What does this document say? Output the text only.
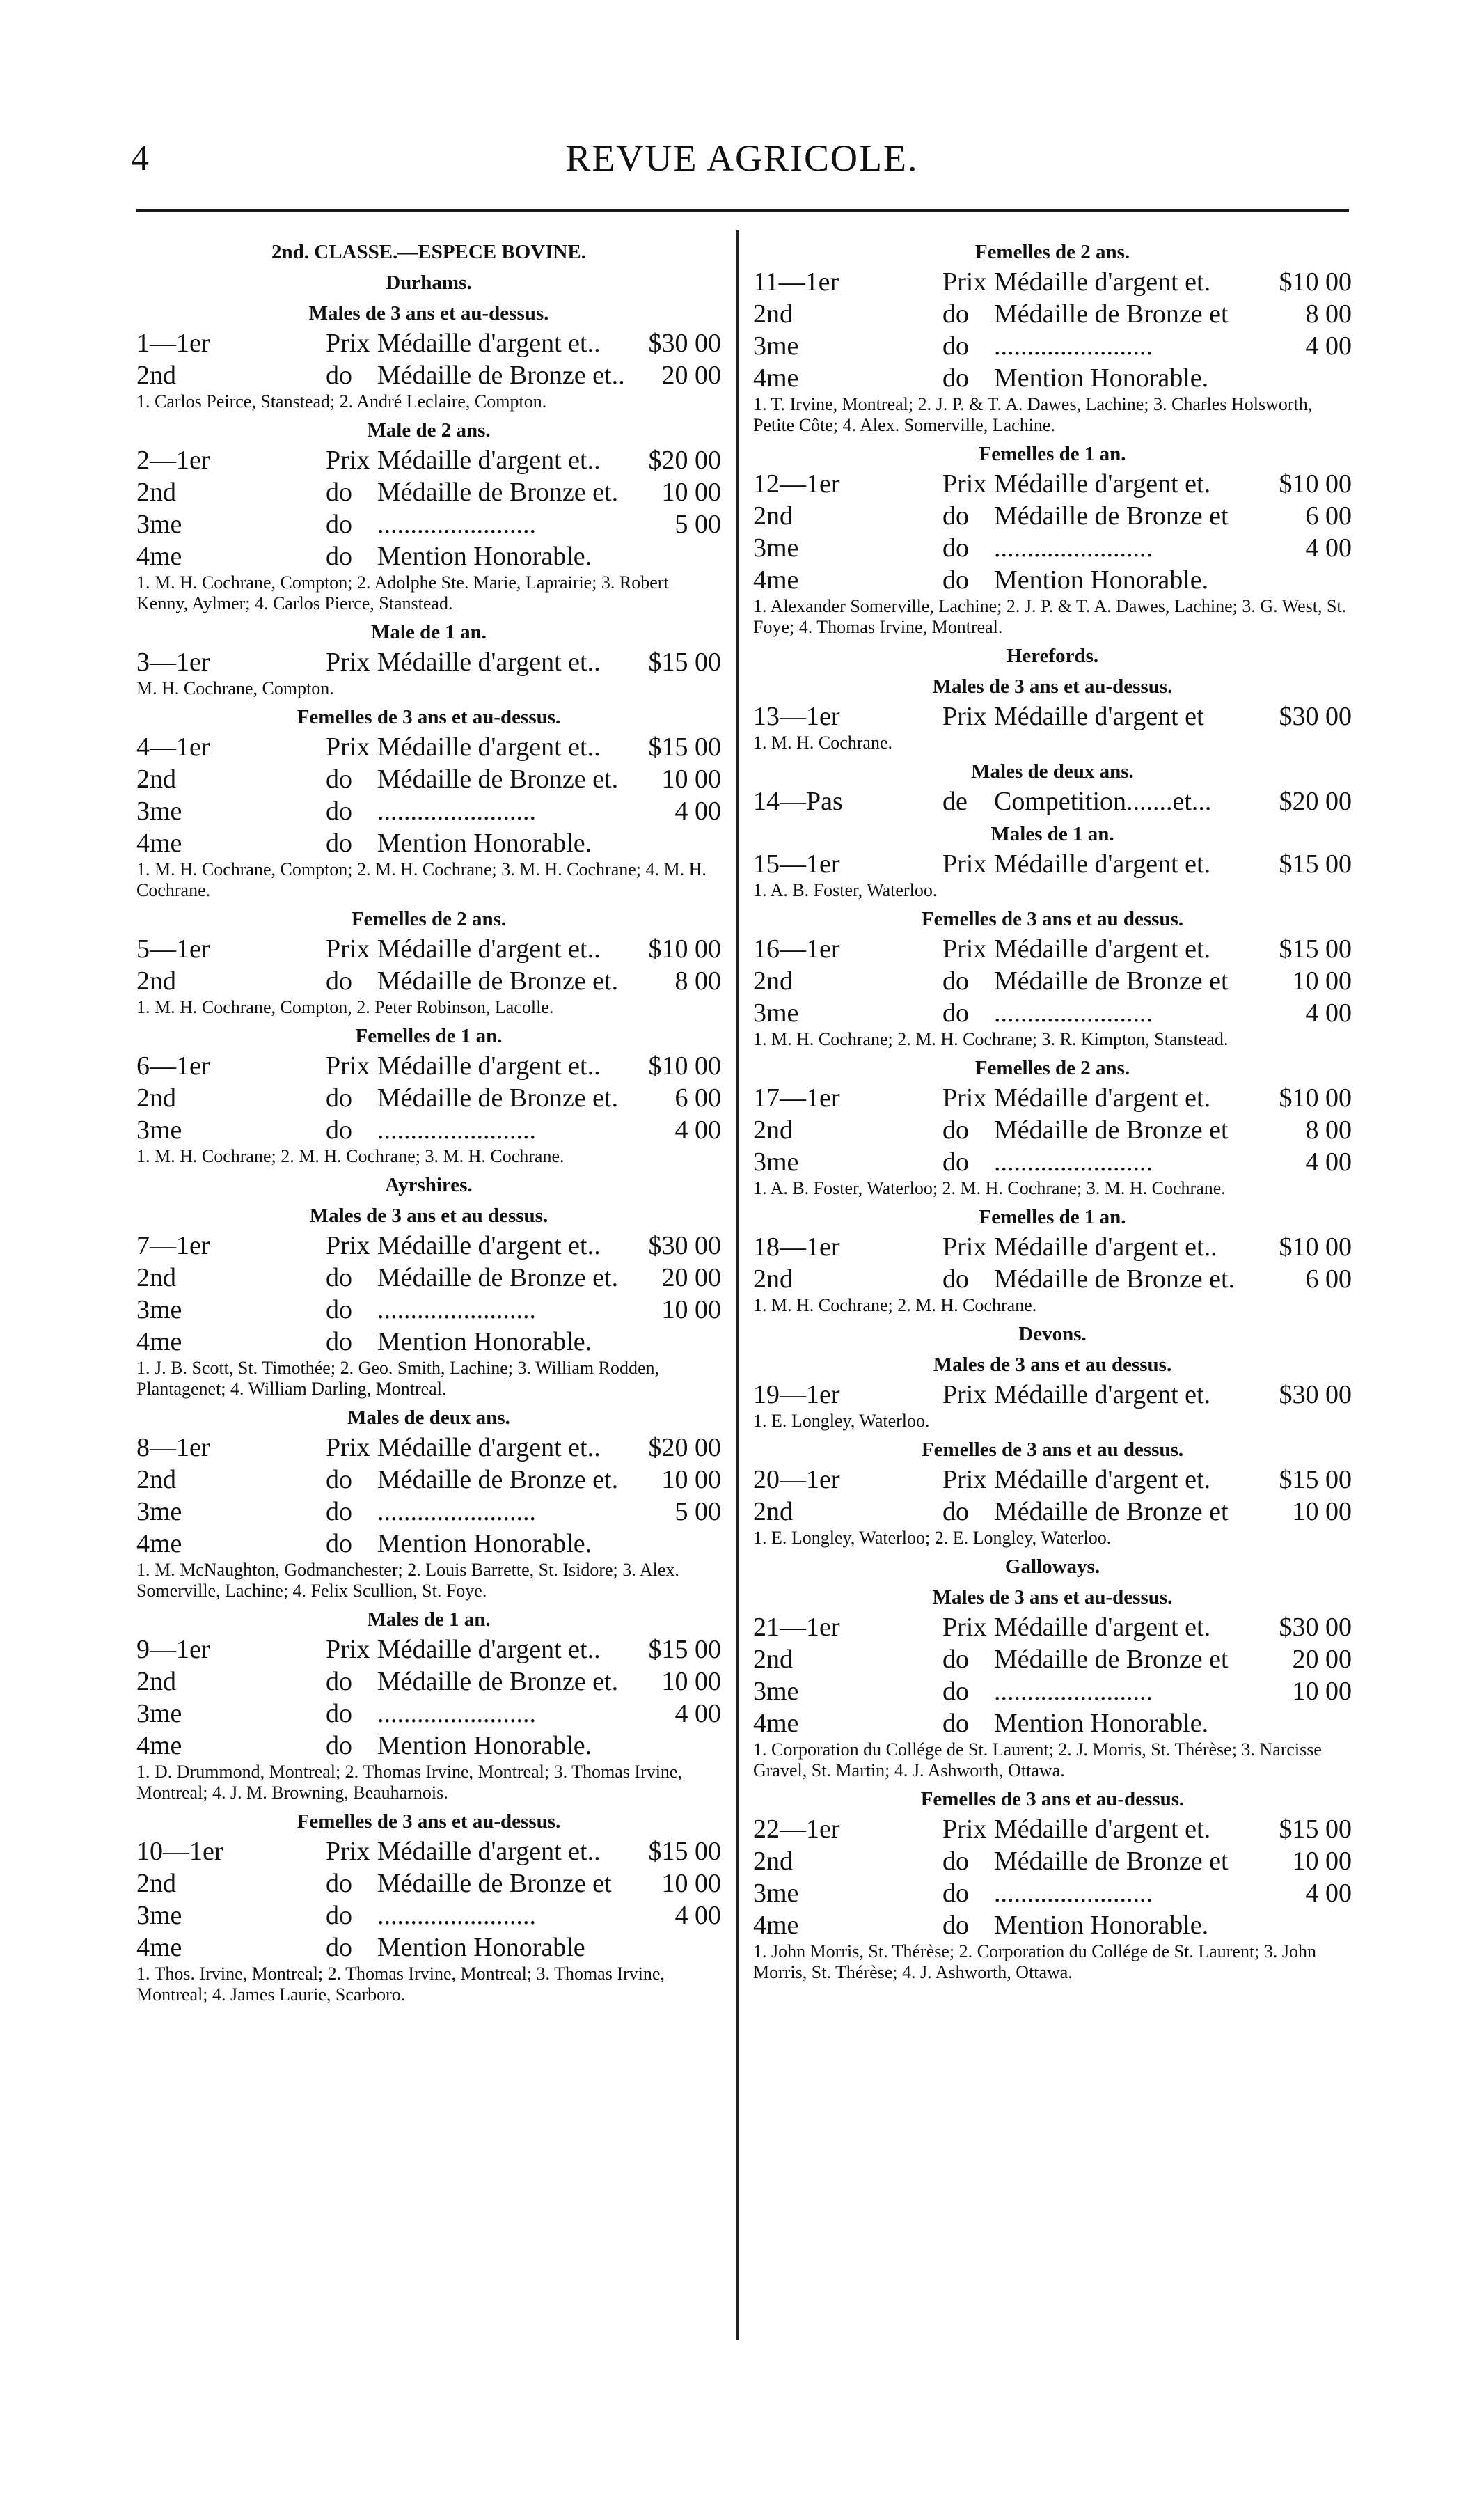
4	REVUE AGRICOLE.
2nd. CLASSE.—ESPECE BOVINE.
Durhams.
Males de 3 ans et au-dessus.
1—1er	Prix Médaille d'argent et..	$30 00
2nd	do Médaille de Bronze et..	20 00
1. Carlos Peirce, Stanstead; 2. André Leclaire, Compton.
Male de 2 ans.
2—1er	Prix Médaille d'argent et..	$20 00
2nd	do Médaille de Bronze et.	10 00
3me	do ........................	5 00
4me	do Mention Honorable.
1. M. H. Cochrane, Compton; 2. Adolphe Ste. Marie, Laprairie; 3. Robert Kenny, Aylmer; 4. Carlos Pierce, Stanstead.
Male de 1 an.
3—1er	Prix Médaille d'argent et..	$15 00
M. H. Cochrane, Compton.
Femelles de 3 ans et au-dessus.
4—1er	Prix Médaille d'argent et..	$15 00
2nd	do Médaille de Bronze et.	10 00
3me	do ........................	4 00
4me	do Mention Honorable.
1. M. H. Cochrane, Compton; 2. M. H. Cochrane; 3. M. H. Cochrane; 4. M. H. Cochrane.
Femelles de 2 ans.
5—1er	Prix Médaille d'argent et..	$10 00
2nd	do Médaille de Bronze et.	8 00
1. M. H. Cochrane, Compton, 2. Peter Robinson, Lacolle.
Femelles de 1 an.
6—1er	Prix Médaille d'argent et..	$10 00
2nd	do Médaille de Bronze et.	6 00
3me	do ........................	4 00
1. M. H. Cochrane; 2. M. H. Cochrane; 3. M. H. Cochrane.
Ayrshires.
Males de 3 ans et au dessus.
7—1er	Prix Médaille d'argent et..	$30 00
2nd	do Médaille de Bronze et.	20 00
3me	do ........................	10 00
4me	do Mention Honorable.
1. J. B. Scott, St. Timothée; 2. Geo. Smith, Lachine; 3. William Rodden, Plantagenet; 4. William Darling, Montreal.
Males de deux ans.
8—1er	Prix Médaille d'argent et..	$20 00
2nd	do Médaille de Bronze et.	10 00
3me	do ........................	5 00
4me	do Mention Honorable.
1. M. McNaughton, Godmanchester; 2. Louis Barrette, St. Isidore; 3. Alex. Somerville, Lachine; 4. Felix Scullion, St. Foye.
Males de 1 an.
9—1er	Prix Médaille d'argent et..	$15 00
2nd	do Médaille de Bronze et.	10 00
3me	do ........................	4 00
4me	do Mention Honorable.
1. D. Drummond, Montreal; 2. Thomas Irvine, Montreal; 3. Thomas Irvine, Montreal; 4. J. M. Browning, Beauharnois.
Femelles de 3 ans et au-dessus.
10—1er	Prix Médaille d'argent et..	$15 00
2nd	do Médaille de Bronze et	10 00
3me	do ........................	4 00
4me	do Mention Honorable
1. Thos. Irvine, Montreal; 2. Thomas Irvine, Montreal; 3. Thomas Irvine, Montreal; 4. James Laurie, Scarboro.
Femelles de 2 ans.
11—1er	Prix Médaille d'argent et.	$10 00
2nd	do Médaille de Bronze et	8 00
3me	do ........................	4 00
4me	do Mention Honorable.
1. T. Irvine, Montreal; 2. J. P. & T. A. Dawes, Lachine; 3. Charles Holsworth, Petite Côte; 4. Alex. Somerville, Lachine.
Femelles de 1 an.
12—1er	Prix Médaille d'argent et.	$10 00
2nd	do Médaille de Bronze et	6 00
3me	do ........................	4 00
4me	do Mention Honorable.
1. Alexander Somerville, Lachine; 2. J. P. & T. A. Dawes, Lachine; 3. G. West, St. Foye; 4. Thomas Irvine, Montreal.
Herefords.
Males de 3 ans et au-dessus.
13—1er	Prix Médaille d'argent et	$30 00
1. M. H. Cochrane.
Males de deux ans.
14—Pas	de	Competition.......et...	$20 00
Males de 1 an.
15—1er	Prix Médaille d'argent et.	$15 00
1. A. B. Foster, Waterloo.
Femelles de 3 ans et au dessus.
16—1er	Prix Médaille d'argent et.	$15 00
2nd	do Médaille de Bronze et	10 00
3me	do ........................	4 00
1. M. H. Cochrane; 2. M. H. Cochrane; 3. R. Kimpton, Stanstead.
Femelles de 2 ans.
17—1er	Prix Médaille d'argent et.	$10 00
2nd	do Médaille de Bronze et	8 00
3me	do ........................	4 00
1. A. B. Foster, Waterloo; 2. M. H. Cochrane; 3. M. H. Cochrane.
Femelles de 1 an.
18—1er	Prix Médaille d'argent et..	$10 00
2nd	do Médaille de Bronze et.	6 00
1. M. H. Cochrane; 2. M. H. Cochrane.
Devons.
Males de 3 ans et au dessus.
19—1er	Prix Médaille d'argent et.	$30 00
1. E. Longley, Waterloo.
Femelles de 3 ans et au dessus.
20—1er	Prix Médaille d'argent et.	$15 00
2nd	do Médaille de Bronze et	10 00
1. E. Longley, Waterloo; 2. E. Longley, Waterloo.
Galloways.
Males de 3 ans et au-dessus.
21—1er	Prix Médaille d'argent et.	$30 00
2nd	do Médaille de Bronze et	20 00
3me	do ........................	10 00
4me	do Mention Honorable.
1. Corporation du Collége de St. Laurent; 2. J. Morris, St. Thérèse; 3. Narcisse Gravel, St. Martin; 4. J. Ashworth, Ottawa.
Femelles de 3 ans et au-dessus.
22—1er	Prix Médaille d'argent et.	$15 00
2nd	do Médaille de Bronze et	10 00
3me	do ........................	4 00
4me	do Mention Honorable.
1. John Morris, St. Thérèse; 2. Corporation du Collége de St. Laurent; 3. John Morris, St. Thérèse; 4. J. Ashworth, Ottawa.
